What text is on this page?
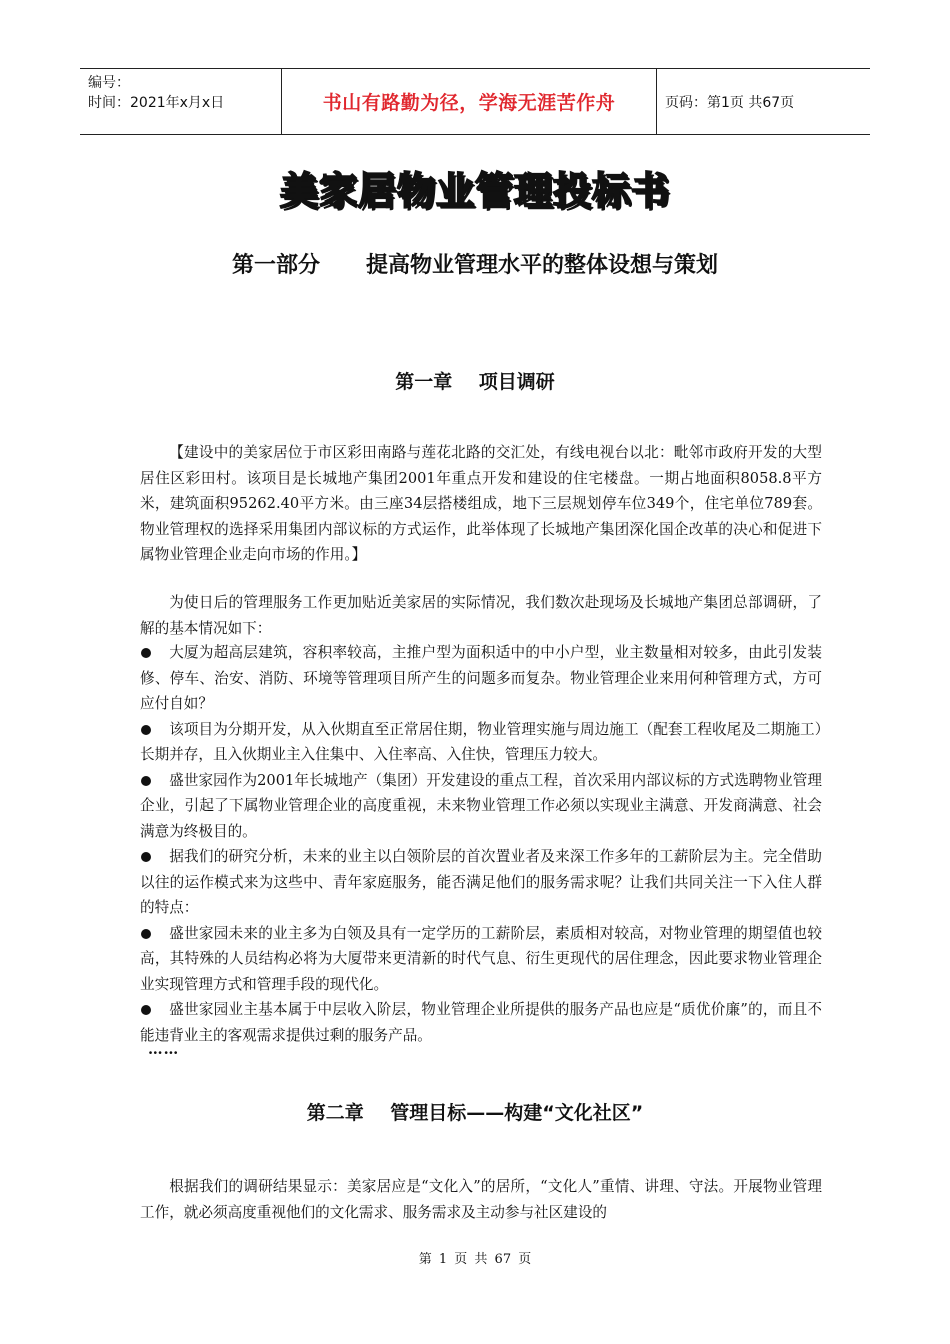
编号：
时间：2021年x月x日	书山有路勤为径，学海无涯苦作舟	页码：第1页 共67页
美家居物业管理投标书
第一部分      提高物业管理水平的整体设想与策划
第一章    项目调研

【建设中的美家居位于市区彩田南路与莲花北路的交汇处，有线电视台以北：毗邻市政府开发的大型居住区彩田村。该项目是长城地产集团2001年重点开发和建设的住宅楼盘。一期占地面积8058.8平方米，建筑面积95262.40平方米。由三座34层搭楼组成，地下三层规划停车位349个，住宅单位789套。物业管理权的选择采用集团内部议标的方式运作，此举体现了长城地产集团深化国企改革的决心和促进下属物业管理企业走向市场的作用。】

为使日后的管理服务工作更加贴近美家居的实际情况，我们数次赴现场及长城地产集团总部调研，了解的基本情况如下：

大厦为超高层建筑，容积率较高，主推户型为面积适中的中小户型，业主数量相对较多，由此引发装修、停车、治安、消防、环境等管理项目所产生的问题多而复杂。物业管理企业来用何种管理方式，方可应付自如？
该项目为分期开发，从入伙期直至正常居住期，物业管理实施与周边施工（配套工程收尾及二期施工）长期并存，且入伙期业主入住集中、入住率高、入住快，管理压力较大。
盛世家园作为2001年长城地产（集团）开发建设的重点工程，首次采用内部议标的方式选聘物业管理企业，引起了下属物业管理企业的高度重视，未来物业管理工作必须以实现业主满意、开发商满意、社会满意为终极目的。
据我们的研究分析，未来的业主以白领阶层的首次置业者及来深工作多年的工薪阶层为主。完全借助以往的运作模式来为这些中、青年家庭服务，能否满足他们的服务需求呢？让我们共同关注一下入住人群的特点：
盛世家园未来的业主多为白领及具有一定学历的工薪阶层，素质相对较高，对物业管理的期望值也较高，其特殊的人员结构必将为大厦带来更清新的时代气息、衍生更现代的居住理念，因此要求物业管理企业实现管理方式和管理手段的现代化。
盛世家园业主基本属于中层收入阶层，物业管理企业所提供的服务产品也应是“质优价廉”的，而且不能违背业主的客观需求提供过剩的服务产品。
……
第二章    管理目标——构建“文化社区”

根据我们的调研结果显示：美家居应是“文化入”的居所，“文化人”重情、讲理、守法。开展物业管理工作，就必须高度重视他们的文化需求、服务需求及主动参与社区建设的

第 1 页 共 67 页
